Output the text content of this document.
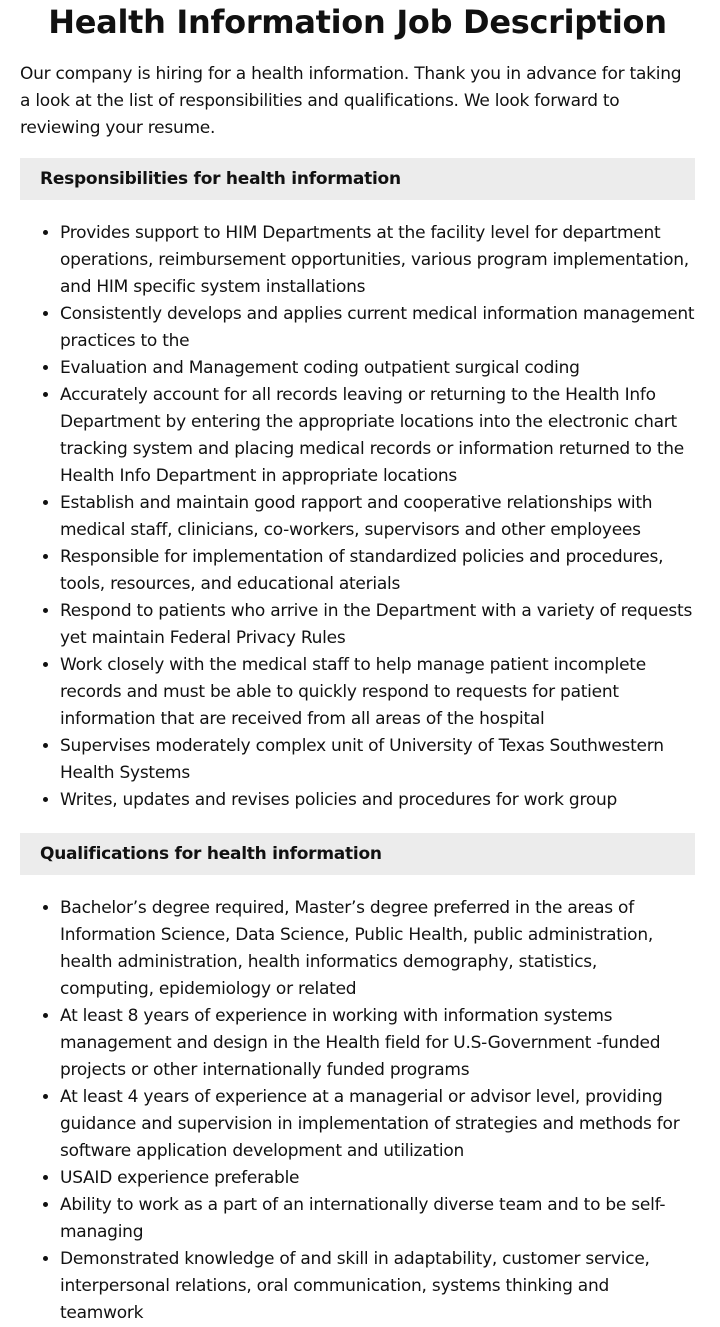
Health Information Job Description

Our company is hiring for a health information. Thank you in advance for taking a look at the list of responsibilities and qualifications. We look forward to reviewing your resume.

Responsibilities for health information
• Provides support to HIM Departments at the facility level for department operations, reimbursement opportunities, various program implementation, and HIM specific system installations
• Consistently develops and applies current medical information management practices to the
• Evaluation and Management coding outpatient surgical coding
• Accurately account for all records leaving or returning to the Health Info Department by entering the appropriate locations into the electronic chart tracking system and placing medical records or information returned to the Health Info Department in appropriate locations
• Establish and maintain good rapport and cooperative relationships with medical staff, clinicians, co-workers, supervisors and other employees
• Responsible for implementation of standardized policies and procedures, tools, resources, and educational aterials
• Respond to patients who arrive in the Department with a variety of requests yet maintain Federal Privacy Rules
• Work closely with the medical staff to help manage patient incomplete records and must be able to quickly respond to requests for patient information that are received from all areas of the hospital
• Supervises moderately complex unit of University of Texas Southwestern Health Systems
• Writes, updates and revises policies and procedures for work group
Qualifications for health information
• Bachelor’s degree required, Master’s degree preferred in the areas of Information Science, Data Science, Public Health, public administration, health administration, health informatics demography, statistics, computing, epidemiology or related
• At least 8 years of experience in working with information systems management and design in the Health field for U.S-Government -funded projects or other internationally funded programs
• At least 4 years of experience at a managerial or advisor level, providing guidance and supervision in implementation of strategies and methods for software application development and utilization
• USAID experience preferable
• Ability to work as a part of an internationally diverse team and to be self-managing
• Demonstrated knowledge of and skill in adaptability, customer service, interpersonal relations, oral communication, systems thinking and teamwork
